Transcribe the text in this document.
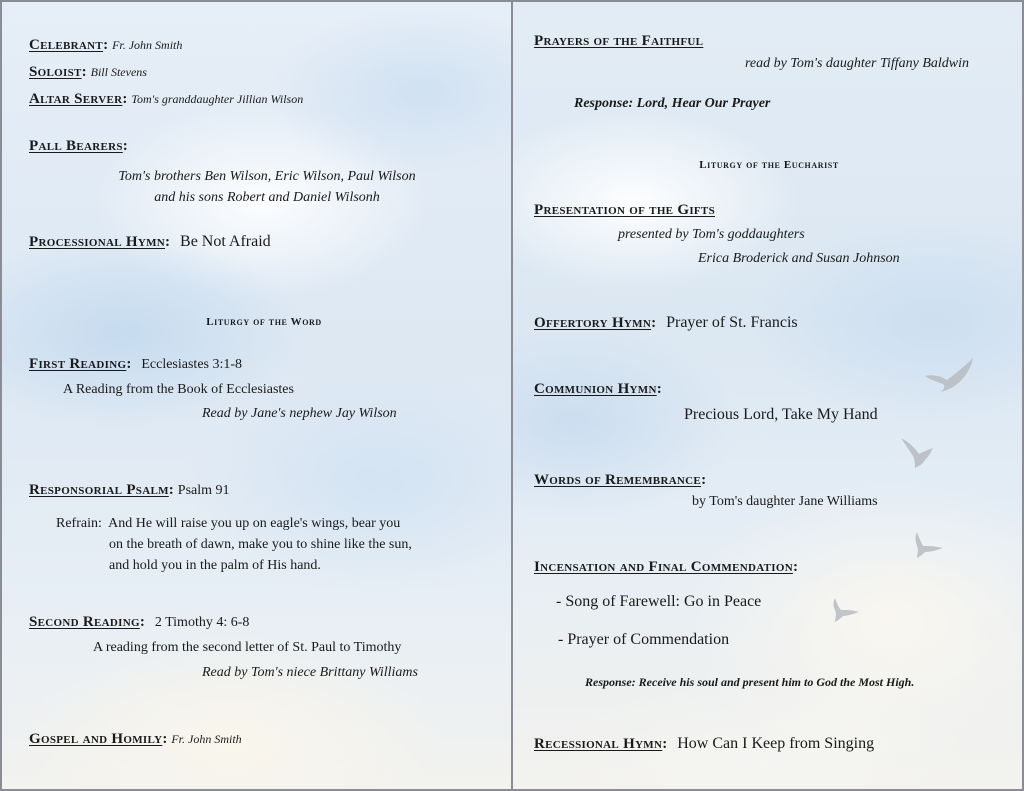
Celebrant: Fr. John Smith
Soloist: Bill Stevens
Altar Server: Tom's granddaughter Jillian Wilson
Pall Bearers:
Tom's brothers Ben Wilson, Eric Wilson, Paul Wilson
and his sons Robert and Daniel Wilsonh
Processional Hymn: Be Not Afraid
Liturgy of the Word
First Reading: Ecclesiastes 3:1-8
A Reading from the Book of Ecclesiastes
Read by Jane's nephew Jay Wilson
Responsorial Psalm: Psalm 91
Refrain: And He will raise you up on eagle's wings, bear you
on the breath of dawn, make you to shine like the sun,
and hold you in the palm of His hand.
Second Reading: 2 Timothy 4: 6-8
A reading from the second letter of St. Paul to Timothy
Read by Tom's niece Brittany Williams
Gospel and Homily: Fr. John Smith
Prayers of the Faithful
read by Tom's daughter Tiffany Baldwin
Response: Lord, Hear Our Prayer
Liturgy of the Eucharist
Presentation of the Gifts
presented by Tom's goddaughters
Erica Broderick and Susan Johnson
Offertory Hymn: Prayer of St. Francis
Communion Hymn:
Precious Lord, Take My Hand
Words of Remembrance:
by Tom's daughter Jane Williams
Incensation and Final Commendation:
- Song of Farewell: Go in Peace
- Prayer of Commendation
Response: Receive his soul and present him to God the Most High.
Recessional Hymn: How Can I Keep from Singing
